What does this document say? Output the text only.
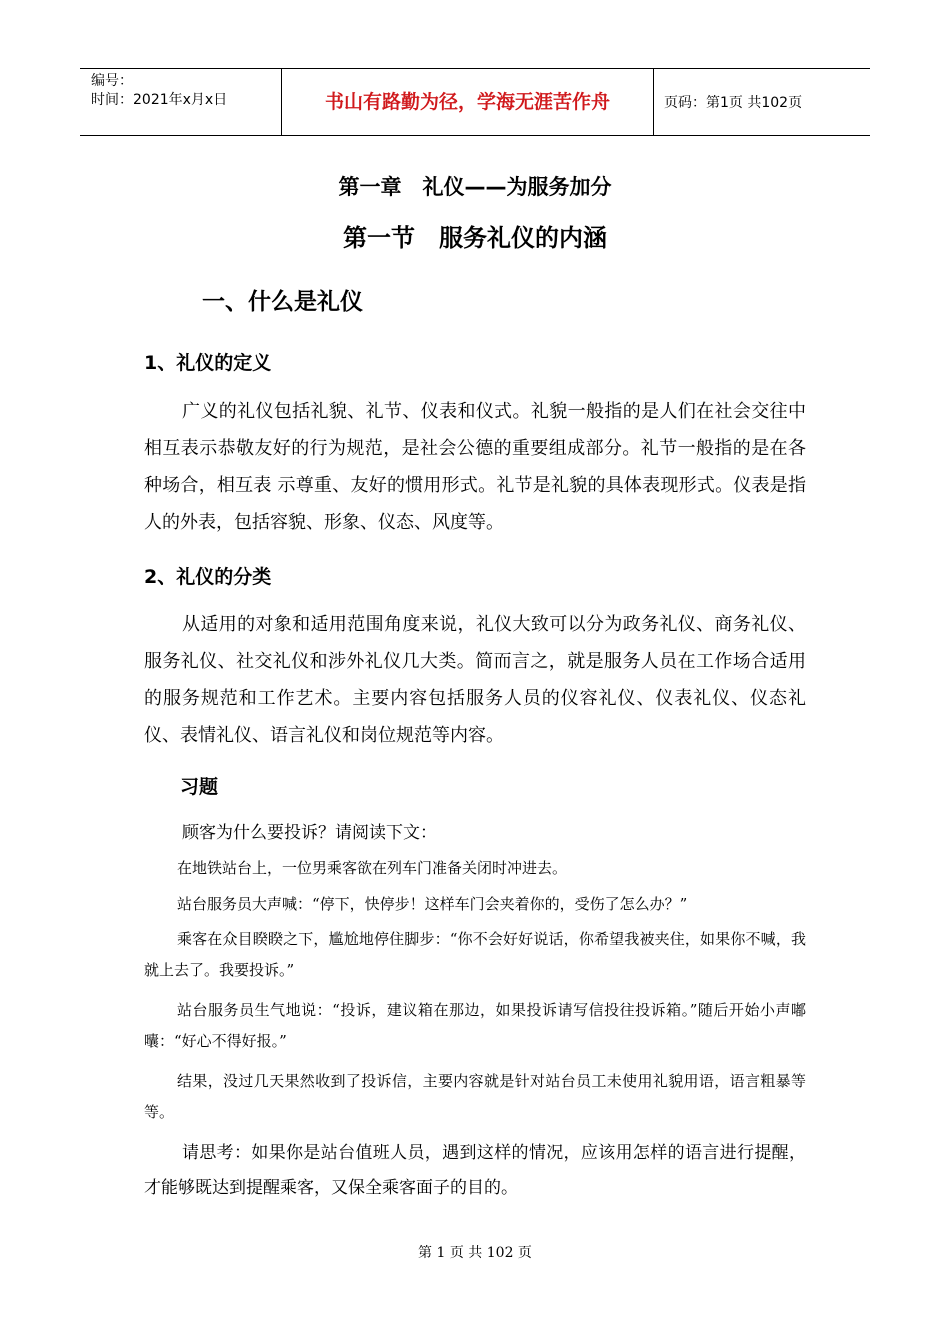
编号：
时间：2021年x月x日	书山有路勤为径，学海无涯苦作舟	页码：第1页 共102页
第一章　礼仪——为服务加分
第一节　服务礼仪的内涵
一、什么是礼仪
1、礼仪的定义
广义的礼仪包括礼貌、礼节、仪表和仪式。礼貌一般指的是人们在社会交往中相互表示恭敬友好的行为规范，是社会公德的重要组成部分。礼节一般指的是在各种场合，相互表 示尊重、友好的惯用形式。礼节是礼貌的具体表现形式。仪表是指人的外表，包括容貌、形象、仪态、风度等。
2、礼仪的分类
从适用的对象和适用范围角度来说，礼仪大致可以分为政务礼仪、商务礼仪、服务礼仪、社交礼仪和涉外礼仪几大类。简而言之，就是服务人员在工作场合适用的服务规范和工作艺术。主要内容包括服务人员的仪容礼仪、仪表礼仪、仪态礼仪、表情礼仪、语言礼仪和岗位规范等内容。
习题
顾客为什么要投诉？请阅读下文：
在地铁站台上，一位男乘客欲在列车门准备关闭时冲进去。
站台服务员大声喊：“停下，快停步！这样车门会夹着你的，受伤了怎么办？”
乘客在众目睽睽之下，尴尬地停住脚步：“你不会好好说话，你希望我被夹住，如果你不喊，我就上去了。我要投诉。”
站台服务员生气地说：“投诉，建议箱在那边，如果投诉请写信投往投诉箱。”随后开始小声嘟囔：“好心不得好报。”
结果，没过几天果然收到了投诉信，主要内容就是针对站台员工未使用礼貌用语，语言粗暴等等。
请思考：如果你是站台值班人员，遇到这样的情况，应该用怎样的语言进行提醒，才能够既达到提醒乘客，又保全乘客面子的目的。
第 1 页 共 102 页
